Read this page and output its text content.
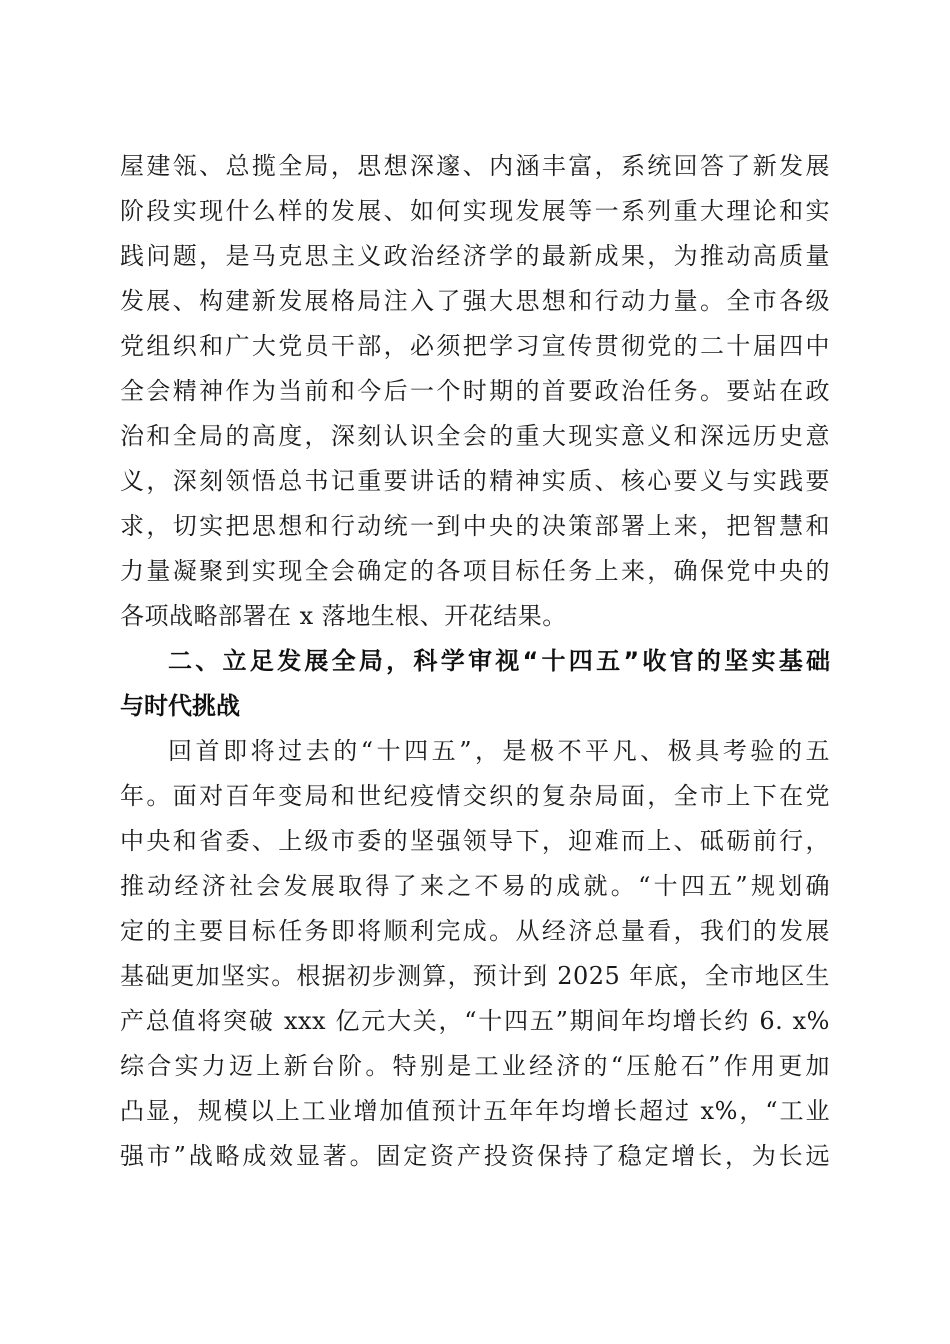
屋建瓴、总揽全局，思想深邃、内涵丰富，系统回答了新发展
阶段实现什么样的发展、如何实现发展等一系列重大理论和实
践问题，是马克思主义政治经济学的最新成果，为推动高质量
发展、构建新发展格局注入了强大思想和行动力量。全市各级
党组织和广大党员干部，必须把学习宣传贯彻党的二十届四中
全会精神作为当前和今后一个时期的首要政治任务。要站在政
治和全局的高度，深刻认识全会的重大现实意义和深远历史意
义，深刻领悟总书记重要讲话的精神实质、核心要义与实践要
求，切实把思想和行动统一到中央的决策部署上来，把智慧和
力量凝聚到实现全会确定的各项目标任务上来，确保党中央的
各项战略部署在 x 落地生根、开花结果。
二、立足发展全局，科学审视“十四五”收官的坚实基础
与时代挑战
回首即将过去的“十四五”，是极不平凡、极具考验的五
年。面对百年变局和世纪疫情交织的复杂局面，全市上下在党
中央和省委、上级市委的坚强领导下，迎难而上、砥砺前行，
推动经济社会发展取得了来之不易的成就。“十四五”规划确
定的主要目标任务即将顺利完成。从经济总量看，我们的发展
基础更加坚实。根据初步测算，预计到 2025 年底，全市地区生
产总值将突破 xxx 亿元大关，“十四五”期间年均增长约 6. x%
综合实力迈上新台阶。特别是工业经济的“压舱石”作用更加
凸显，规模以上工业增加值预计五年年均增长超过 x%，“工业
强市”战略成效显著。固定资产投资保持了稳定增长，为长远
